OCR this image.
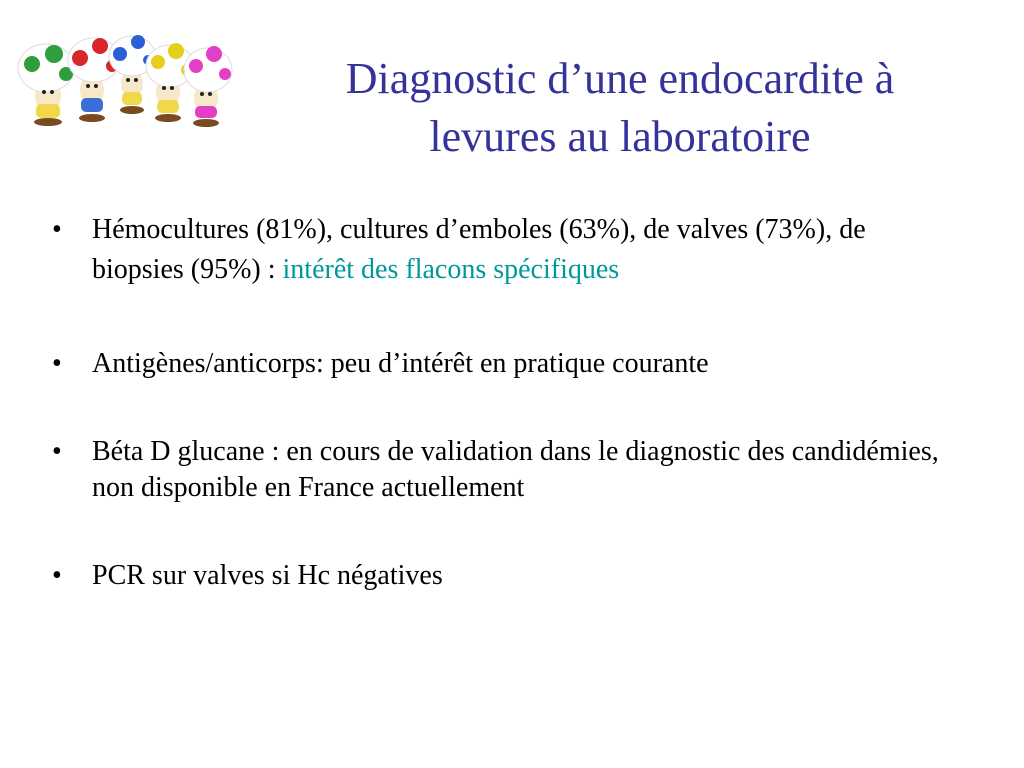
Diagnostic d’une endocardite à
levures au laboratoire
• Hémocultures (81%), cultures d’emboles (63%), de valves (73%), de biopsies (95%) : intérêt des flacons spécifiques
• Antigènes/anticorps: peu d’intérêt en pratique courante
• Béta D glucane : en cours de validation dans le diagnostic des candidémies, non disponible en France actuellement
• PCR sur valves si Hc négatives
